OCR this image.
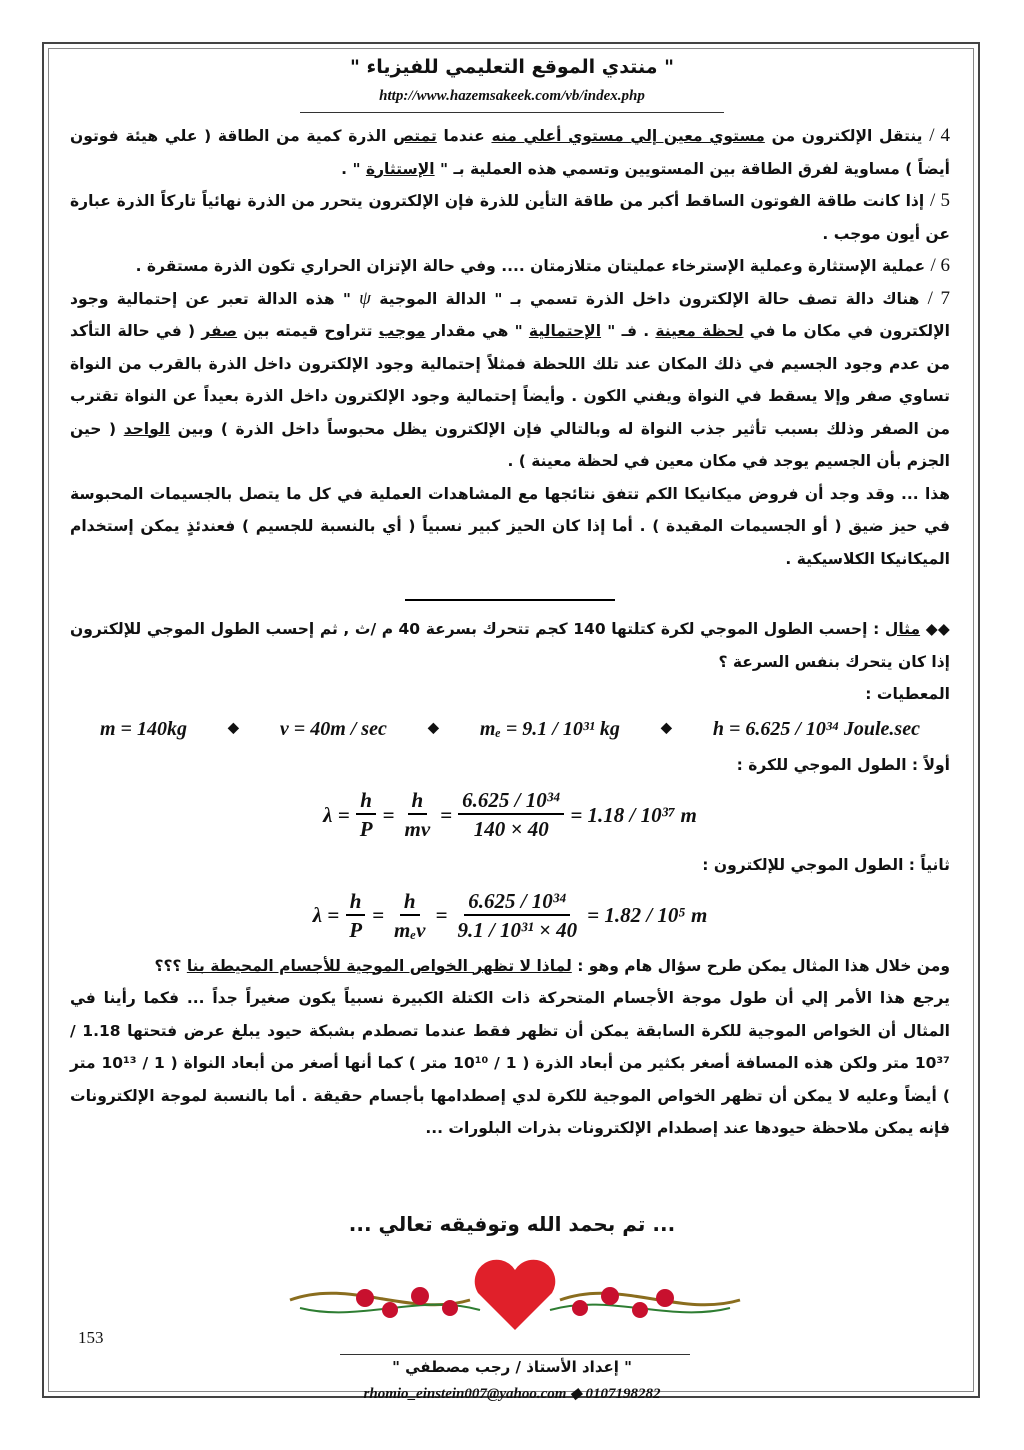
" منتدي الموقع التعليمي للفيزياء "
http://www.hazemsakeek.com/vb/index.php

4 / ينتقل الإلكترون من مستوي معين إلي مستوي أعلي منه عندما تمتص الذرة كمية من الطاقة ( علي هيئة فوتون أيضاً ) مساوية لفرق الطاقة بين المستويين وتسمي هذه العملية بـ " الإستثارة " .

5 / إذا كانت طاقة الفوتون الساقط أكبر من طاقة التأين للذرة فإن الإلكترون يتحرر من الذرة نهائياً تاركاً الذرة عبارة عن أيون موجب .

6 / عملية الإستثارة وعملية الإسترخاء عمليتان متلازمتان .... وفي حالة الإتزان الحراري تكون الذرة مستقرة .

7 / هناك دالة تصف حالة الإلكترون داخل الذرة تسمي بـ " الدالة الموجية ψ " هذه الدالة تعبر عن إحتمالية وجود الإلكترون في مكان ما في لحظة معينة . فـ " الإحتمالية " هي مقدار موجب تتراوح قيمته بين صفر ( في حالة التأكد من عدم وجود الجسيم في ذلك المكان عند تلك اللحظة فمثلاً إحتمالية وجود الإلكترون داخل الذرة بالقرب من النواة تساوي صفر وإلا يسقط في النواة ويفني الكون . وأيضاً إحتمالية وجود الإلكترون داخل الذرة بعيداً عن النواة تقترب من الصفر وذلك بسبب تأثير جذب النواة له وبالتالي فإن الإلكترون يظل محبوساً داخل الذرة ) وبين الواحد ( حين الجزم بأن الجسيم يوجد في مكان معين في لحظة معينة ) .

هذا ... وقد وجد أن فروض ميكانيكا الكم تتفق نتائجها مع المشاهدات العملية في كل ما يتصل بالجسيمات المحبوسة في حيز ضيق ( أو الجسيمات المقيدة ) . أما إذا كان الحيز كبير نسبياً ( أي بالنسبة للجسيم ) فعندئذٍ يمكن إستخدام الميكانيكا الكلاسيكية .

◆◆ مثال : إحسب الطول الموجي لكرة كتلتها 140 كجم تتحرك بسرعة 40 م /ث , ثم إحسب الطول الموجي للإلكترون إذا كان يتحرك بنفس السرعة ؟

المعطيات :

m = 140kg	◆ v = 40m / sec	◆ mₑ = 9.1 / 10³¹ kg	◆ h = 6.625 / 10³⁴ Joule.sec

أولاً : الطول الموجي للكرة :

$\lambda = \frac{h}{P} = \frac{h}{mv} = \frac{\text{6.625 / 10³⁴}}{140 \times 40} = 1.18 / 10^{37}$ m

ثانياً : الطول الموجي للإلكترون :

$\lambda = \frac{h}{P} = \frac{h}{\text{mₑv}} = \frac{\text{6.625 / 10³⁴}}{\text{9.1 / 10³¹ × 40}} = 1.82 / 10^5$ m

ومن خلال هذا المثال يمكن طرح سؤال هام وهو : لماذا لا تظهر الخواص الموجية للأجسام المحيطة بنا ؟؟؟

يرجع هذا الأمر إلي أن طول موجة الأجسام المتحركة ذات الكتلة الكبيرة نسبياً يكون صغيراً جداً ... فكما رأينا في المثال أن الخواص الموجية للكرة السابقة يمكن أن تظهر فقط عندما تصطدم بشبكة حيود يبلغ عرض فتحتها 1.18 / 10³⁷ متر ولكن هذه المسافة أصغر بكثير من أبعاد الذرة ( 1 / 10¹⁰ متر ) كما أنها أصغر من أبعاد النواة ( 1 / 10¹³ متر ) أيضاً وعليه لا يمكن أن تظهر الخواص الموجية للكرة لدي إصطدامها بأجسام حقيقة . أما بالنسبة لموجة الإلكترونات فإنه يمكن ملاحظة حيودها عند إصطدام الإلكترونات بذرات البلورات ...

... تم بحمد الله وتوفيقه تعالي ...
153
" إعداد الأستاذ / رجب مصطفي "
rhomio_einstein007@yahoo.com ◆ 0107198282
